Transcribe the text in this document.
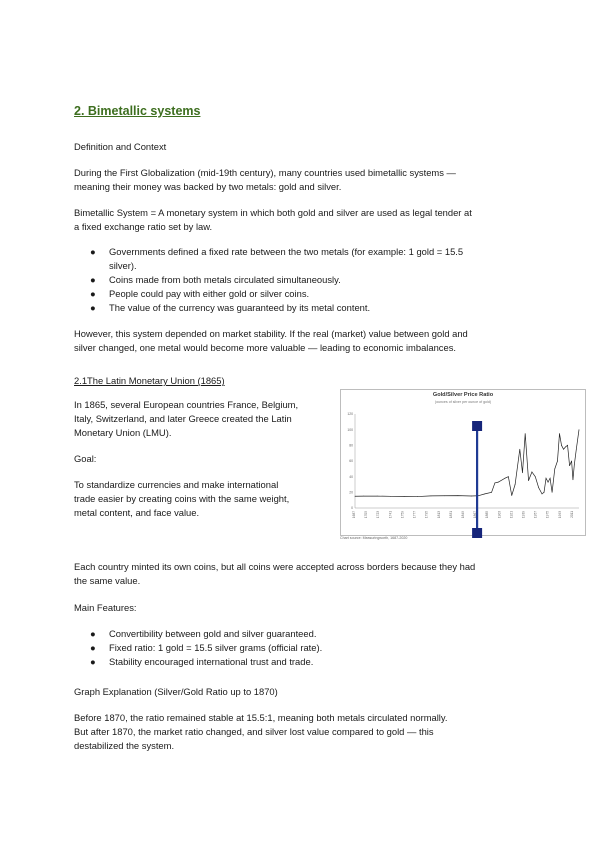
2. Bimetallic systems
Definition and Context
During the First Globalization (mid-19th century), many countries used bimetallic systems —
meaning their money was backed by two metals: gold and silver.
Bimetallic System = A monetary system in which both gold and silver are used as legal tender at
a fixed exchange ratio set by law.
● Governments defined a fixed rate between the two metals (for example: 1 gold = 15.5
silver).
● Coins made from both metals circulated simultaneously.
● People could pay with either gold or silver coins.
● The value of the currency was guaranteed by its metal content.
However, this system depended on market stability. If the real (market) value between gold and
silver changed, one metal would become more valuable — leading to economic imbalances.
2.1The Latin Monetary Union (1865)
In 1865, several European countries France, Belgium,
Italy, Switzerland, and later Greece created the Latin
Monetary Union (LMU).
Goal:
To standardize currencies and make international
trade easier by creating coins with the same weight,
metal content, and face value.
Gold/Silver Price Ratio
(ounces of silver per ounce of gold)
0
20
40
60
80
100
120
1687	1705	1723	1741	1759	1777	1795	1813	1831	1849	1867	1885	1903	1921	1939	1957	1975	1993	2011
Chart source: Measuringworth, 1687-2020
Each country minted its own coins, but all coins were accepted across borders because they had
the same value.
Main Features:
● Convertibility between gold and silver guaranteed.
● Fixed ratio: 1 gold = 15.5 silver grams (official rate).
● Stability encouraged international trust and trade.
Graph Explanation (Silver/Gold Ratio up to 1870)
Before 1870, the ratio remained stable at 15.5:1, meaning both metals circulated normally.
But after 1870, the market ratio changed, and silver lost value compared to gold — this
destabilized the system.
